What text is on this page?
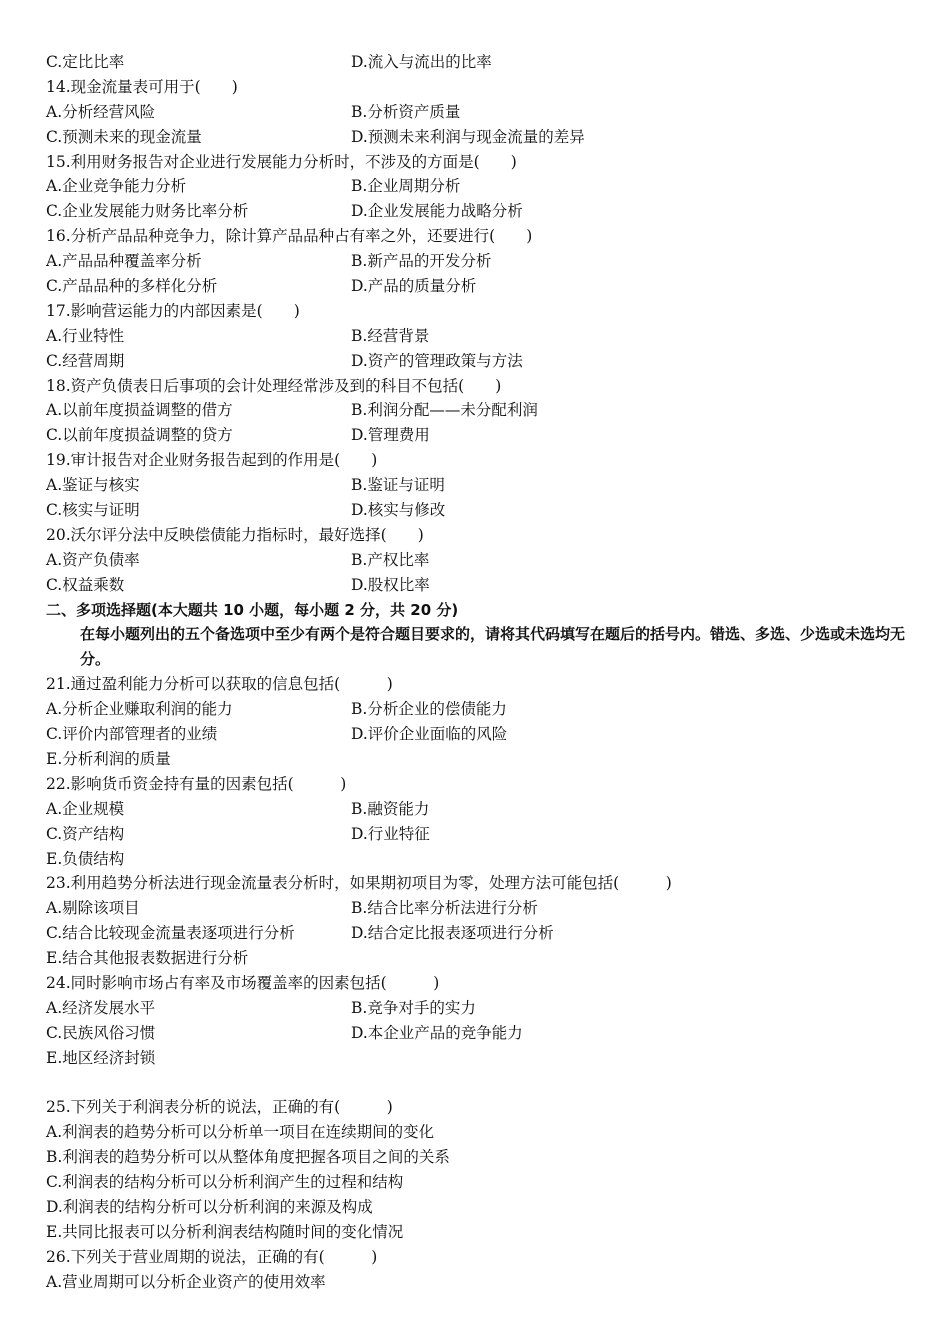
C.定比比率	D.流入与流出的比率
14.现金流量表可用于(　　)
A.分析经营风险	B.分析资产质量
C.预测未来的现金流量	D.预测未来利润与现金流量的差异
15.利用财务报告对企业进行发展能力分析时，不涉及的方面是(　　)
A.企业竞争能力分析	B.企业周期分析
C.企业发展能力财务比率分析	D.企业发展能力战略分析
16.分析产品品种竞争力，除计算产品品种占有率之外，还要进行(　　)
A.产品品种覆盖率分析	B.新产品的开发分析
C.产品品种的多样化分析	D.产品的质量分析
17.影响营运能力的内部因素是(　　)
A.行业特性	B.经营背景
C.经营周期	D.资产的管理政策与方法
18.资产负债表日后事项的会计处理经常涉及到的科目不包括(　　)
A.以前年度损益调整的借方	B.利润分配——未分配利润
C.以前年度损益调整的贷方	D.管理费用
19.审计报告对企业财务报告起到的作用是(　　)
A.鉴证与核实	B.鉴证与证明
C.核实与证明	D.核实与修改
20.沃尔评分法中反映偿债能力指标时，最好选择(　　)
A.资产负债率	B.产权比率
C.权益乘数	D.股权比率
二、多项选择题(本大题共 10 小题，每小题 2 分，共 20 分)
在每小题列出的五个备选项中至少有两个是符合题目要求的，请将其代码填写在题后的括号内。错选、多选、少选或未选均无分。
21.通过盈利能力分析可以获取的信息包括(　　　)
A.分析企业赚取利润的能力	B.分析企业的偿债能力
C.评价内部管理者的业绩	D.评价企业面临的风险
E.分析利润的质量
22.影响货币资金持有量的因素包括(　　　)
A.企业规模	B.融资能力
C.资产结构	D.行业特征
E.负债结构
23.利用趋势分析法进行现金流量表分析时，如果期初项目为零，处理方法可能包括(　　　)
A.剔除该项目	B.结合比率分析法进行分析
C.结合比较现金流量表逐项进行分析	D.结合定比报表逐项进行分析
E.结合其他报表数据进行分析
24.同时影响市场占有率及市场覆盖率的因素包括(　　　)
A.经济发展水平	B.竞争对手的实力
C.民族风俗习惯	D.本企业产品的竞争能力
E.地区经济封锁
25.下列关于利润表分析的说法，正确的有(　　　)
A.利润表的趋势分析可以分析单一项目在连续期间的变化
B.利润表的趋势分析可以从整体角度把握各项目之间的关系
C.利润表的结构分析可以分析利润产生的过程和结构
D.利润表的结构分析可以分析利润的来源及构成
E.共同比报表可以分析利润表结构随时间的变化情况
26.下列关于营业周期的说法，正确的有(　　　)
A.营业周期可以分析企业资产的使用效率
